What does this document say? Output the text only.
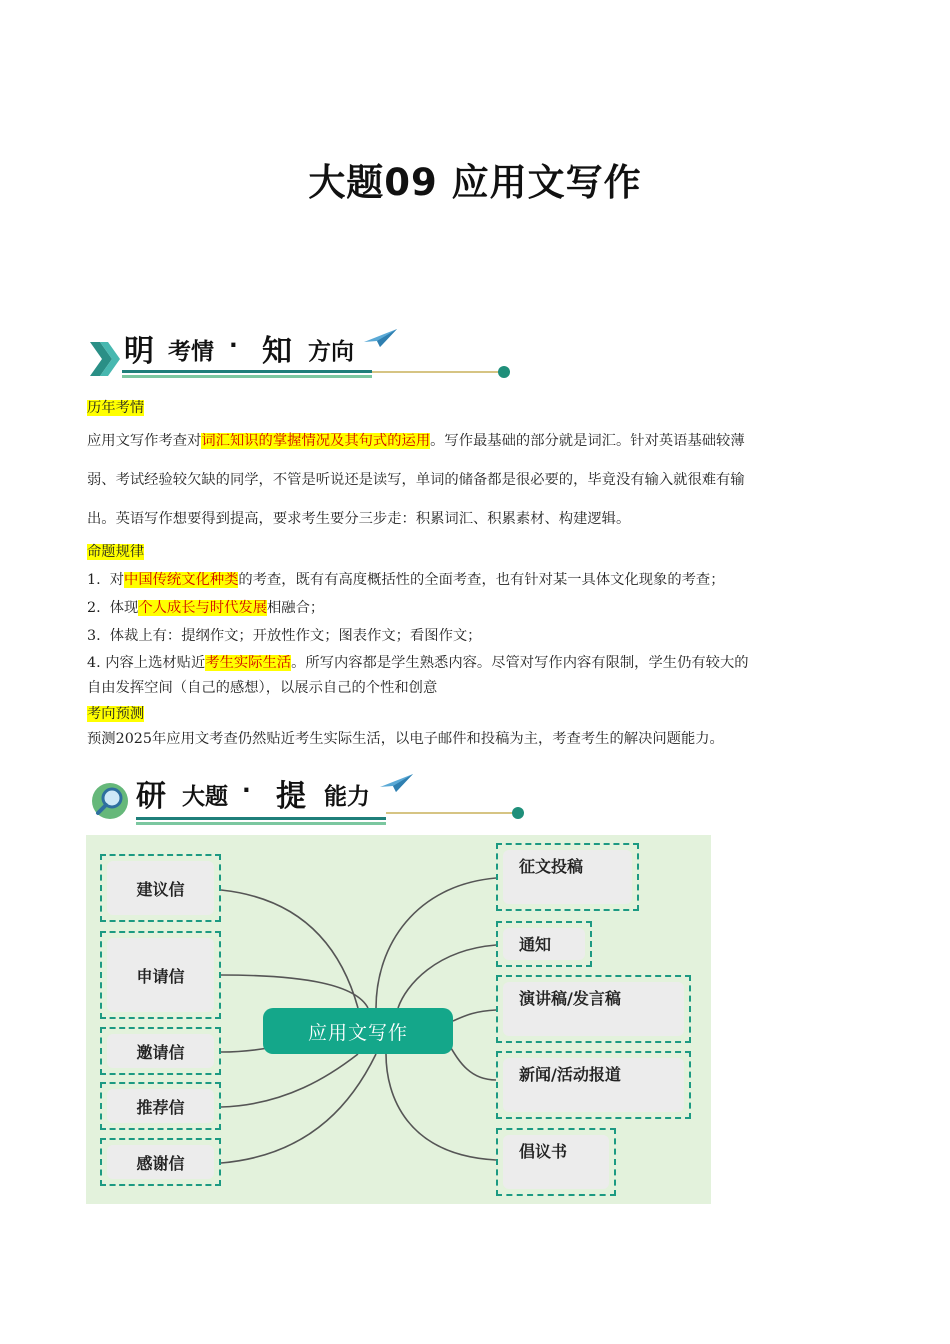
大题09 应用文写作
明 考情 · 知 方向
历年考情
应用文写作考查对词汇知识的掌握情况及其句式的运用。写作最基础的部分就是词汇。针对英语基础较薄
弱、考试经验较欠缺的同学，不管是听说还是读写，单词的储备都是很必要的，毕竟没有输入就很难有输
出。英语写作想要得到提高，要求考生要分三步走：积累词汇、积累素材、构建逻辑。
命题规律
1. 对中国传统文化种类的考查，既有有高度概括性的全面考查，也有针对某一具体文化现象的考查；
2. 体现个人成长与时代发展相融合；
3. 体裁上有：提纲作文；开放性作文；图表作文；看图作文；
4. 内容上选材贴近考生实际生活。所写内容都是学生熟悉内容。尽管对写作内容有限制，学生仍有较大的
自由发挥空间（自己的感想），以展示自己的个性和创意
考向预测
预测2025年应用文考查仍然贴近考生实际生活，以电子邮件和投稿为主，考查考生的解决问题能力。
研 大题 · 提 能力
建议信
申请信
邀请信
推荐信
感谢信
应用文写作
征文投稿
通知
演讲稿/发言稿
新闻/活动报道
倡议书
